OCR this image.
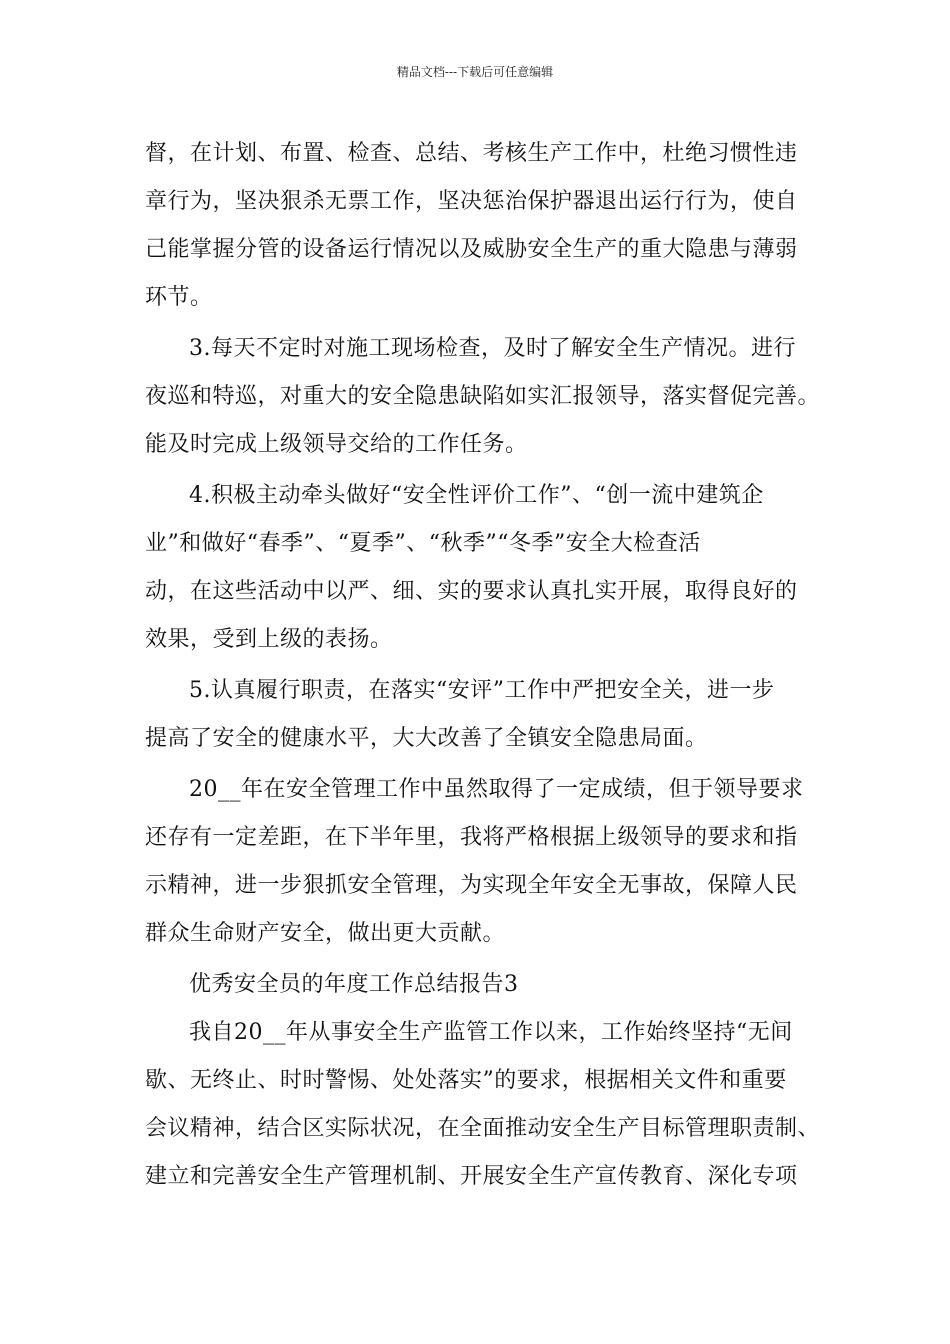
精品文档---下载后可任意编辑
督，在计划、布置、检查、总结、考核生产工作中，杜绝习惯性违
章行为，坚决狠杀无票工作，坚决惩治保护器退出运行行为，使自
己能掌握分管的设备运行情况以及威胁安全生产的重大隐患与薄弱
环节。
3.每天不定时对施工现场检查，及时了解安全生产情况。进行
夜巡和特巡，对重大的安全隐患缺陷如实汇报领导，落实督促完善。
能及时完成上级领导交给的工作任务。
4.积极主动牵头做好“安全性评价工作”、“创一流中建筑企
业”和做好“春季”、“夏季”、“秋季”“冬季”安全大检查活
动，在这些活动中以严、细、实的要求认真扎实开展，取得良好的
效果，受到上级的表扬。
5.认真履行职责，在落实“安评”工作中严把安全关，进一步
提高了安全的健康水平，大大改善了全镇安全隐患局面。
20__年在安全管理工作中虽然取得了一定成绩，但于领导要求
还存有一定差距，在下半年里，我将严格根据上级领导的要求和指
示精神，进一步狠抓安全管理，为实现全年安全无事故，保障人民
群众生命财产安全，做出更大贡献。
优秀安全员的年度工作总结报告3
我自20__年从事安全生产监管工作以来，工作始终坚持“无间
歇、无终止、时时警惕、处处落实”的要求，根据相关文件和重要
会议精神，结合区实际状况，在全面推动安全生产目标管理职责制、
建立和完善安全生产管理机制、开展安全生产宣传教育、深化专项
